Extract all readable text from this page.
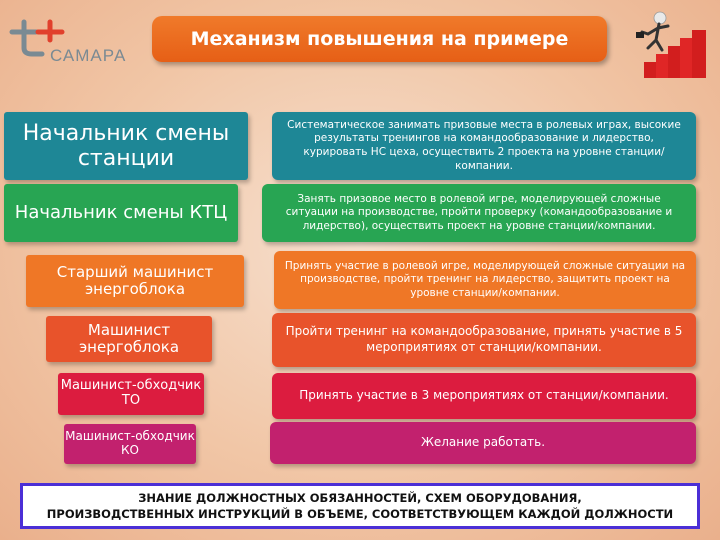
САМАРА
Механизм повышения на примере
Начальник смены станции
Систематическое занимать призовые места в ролевых играх, высокие результаты тренингов на командообразование и лидерство, курировать НС цеха, осуществить 2 проекта на уровне станции/компании.
Начальник смены КТЦ
Занять призовое место в ролевой игре, моделирующей сложные ситуации на производстве, пройти проверку (командообразование и лидерство), осуществить проект на уровне станции/компании.
Старший машинист энергоблока
Принять участие в ролевой игре, моделирующей сложные ситуации на производстве, пройти тренинг на лидерство, защитить проект на уровне станции/компании.
Машинист энергоблока
Пройти тренинг на командообразование, принять участие в 5 мероприятиях от станции/компании.
Машинист-обходчик ТО	Принять участие в 3 мероприятиях от станции/компании.
Машинист-обходчик КО
Желание работать.
ЗНАНИЕ ДОЛЖНОСТНЫХ ОБЯЗАННОСТЕЙ, СХЕМ ОБОРУДОВАНИЯ,
ПРОИЗВОДСТВЕННЫХ ИНСТРУКЦИЙ В ОБЪЕМЕ, СООТВЕТСТВУЮЩЕМ КАЖДОЙ ДОЛЖНОСТИ
